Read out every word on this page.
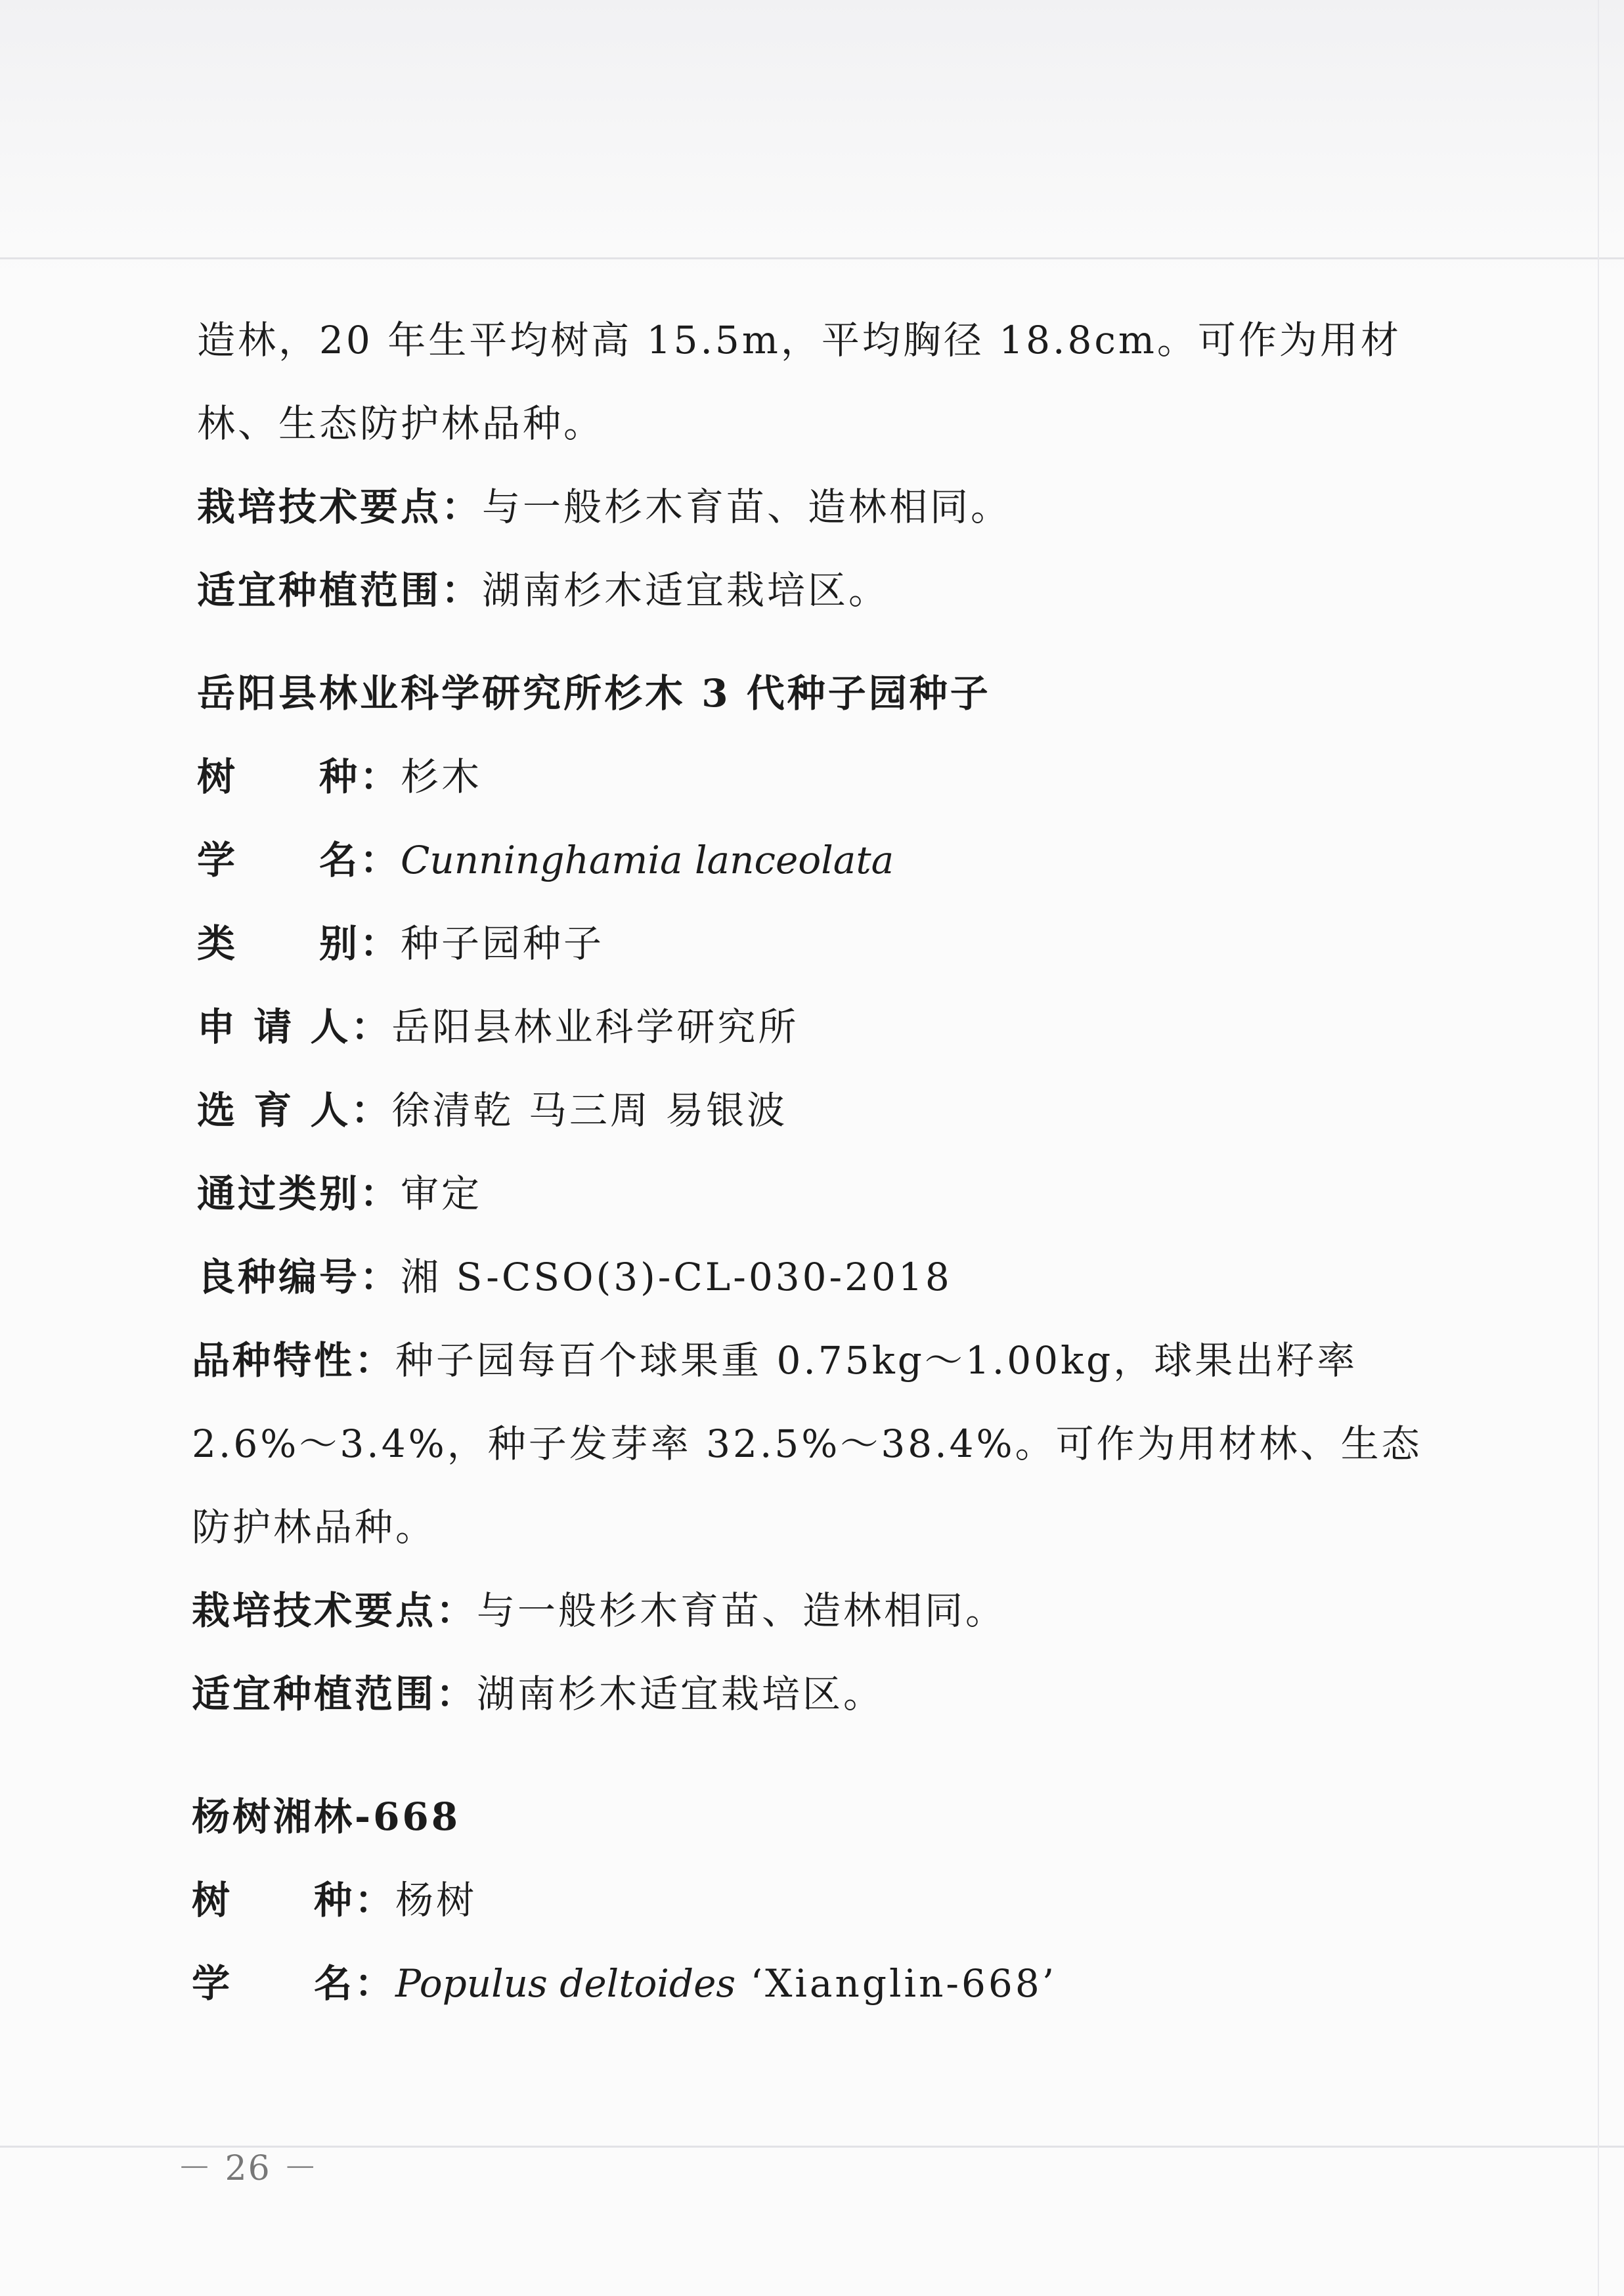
造林，20 年生平均树高 15.5m，平均胸径 18.8cm。可作为用材
林、生态防护林品种。
栽培技术要点：与一般杉木育苗、造林相同。
适宜种植范围：湖南杉木适宜栽培区。
岳阳县林业科学研究所杉木 3 代种子园种子
树　　种：杉木
学　　名：Cunninghamia lanceolata
类　　别：种子园种子
申 请 人：岳阳县林业科学研究所
选 育 人：徐清乾 马三周 易银波
通过类别：审定
良种编号：湘 S-CSO(3)-CL-030-2018
品种特性：种子园每百个球果重 0.75kg～1.00kg，球果出籽率
2.6%～3.4%，种子发芽率 32.5%～38.4%。可作为用材林、生态
防护林品种。
栽培技术要点：与一般杉木育苗、造林相同。
适宜种植范围：湖南杉木适宜栽培区。
杨树湘林-668
树　　种：杨树
学　　名：Populus deltoides ‘Xianglin-668’
－ 26 －
